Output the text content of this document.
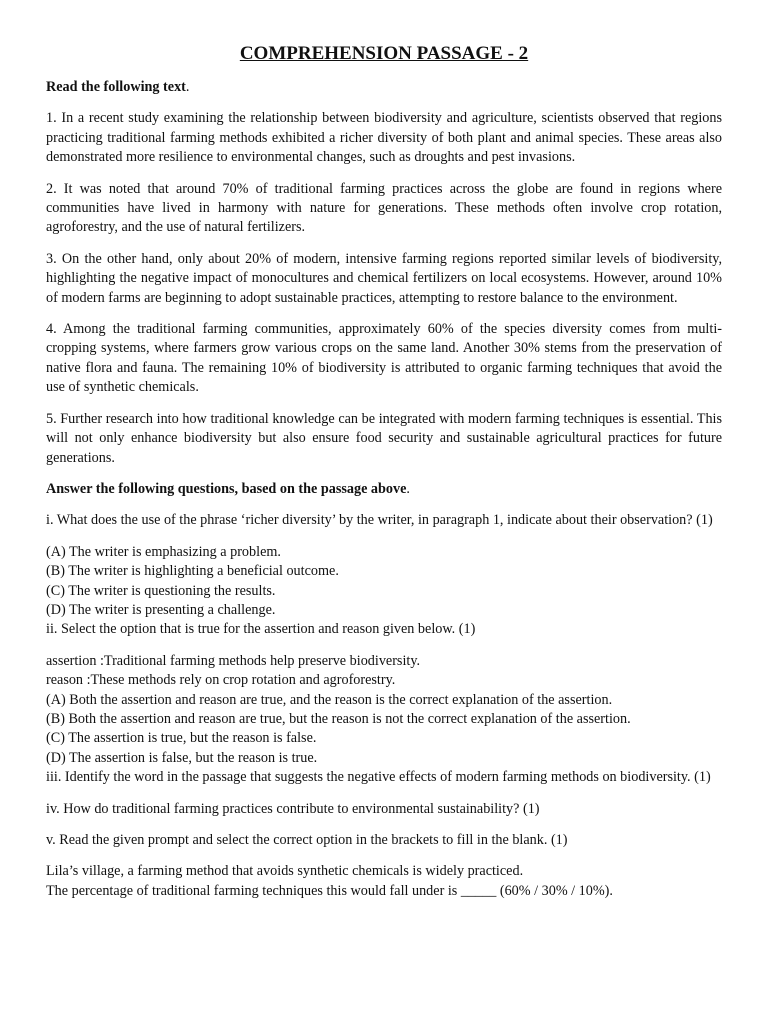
COMPREHENSION PASSAGE - 2
Read the following text.
1. In a recent study examining the relationship between biodiversity and agriculture, scientists observed that regions practicing traditional farming methods exhibited a richer diversity of both plant and animal species. These areas also demonstrated more resilience to environmental changes, such as droughts and pest invasions.
2. It was noted that around 70% of traditional farming practices across the globe are found in regions where communities have lived in harmony with nature for generations. These methods often involve crop rotation, agroforestry, and the use of natural fertilizers.
3. On the other hand, only about 20% of modern, intensive farming regions reported similar levels of biodiversity, highlighting the negative impact of monocultures and chemical fertilizers on local ecosystems. However, around 10% of modern farms are beginning to adopt sustainable practices, attempting to restore balance to the environment.
4. Among the traditional farming communities, approximately 60% of the species diversity comes from multi-cropping systems, where farmers grow various crops on the same land. Another 30% stems from the preservation of native flora and fauna. The remaining 10% of biodiversity is attributed to organic farming techniques that avoid the use of synthetic chemicals.
5. Further research into how traditional knowledge can be integrated with modern farming techniques is essential. This will not only enhance biodiversity but also ensure food security and sustainable agricultural practices for future generations.
Answer the following questions, based on the passage above.
i. What does the use of the phrase ‘richer diversity’ by the writer, in paragraph 1, indicate about their observation? (1)
(A) The writer is emphasizing a problem.
(B) The writer is highlighting a beneficial outcome.
(C) The writer is questioning the results.
(D) The writer is presenting a challenge.
ii. Select the option that is true for the assertion and reason given below. (1)
assertion :Traditional farming methods help preserve biodiversity.
reason :These methods rely on crop rotation and agroforestry.
(A) Both the assertion and reason are true, and the reason is the correct explanation of the assertion.
(B) Both the assertion and reason are true, but the reason is not the correct explanation of the assertion.
(C) The assertion is true, but the reason is false.
(D) The assertion is false, but the reason is true.
iii. Identify the word in the passage that suggests the negative effects of modern farming methods on biodiversity. (1)
iv. How do traditional farming practices contribute to environmental sustainability? (1)
v. Read the given prompt and select the correct option in the brackets to fill in the blank. (1)
Lila’s village, a farming method that avoids synthetic chemicals is widely practiced.
The percentage of traditional farming techniques this would fall under is _____ (60% / 30% / 10%).
